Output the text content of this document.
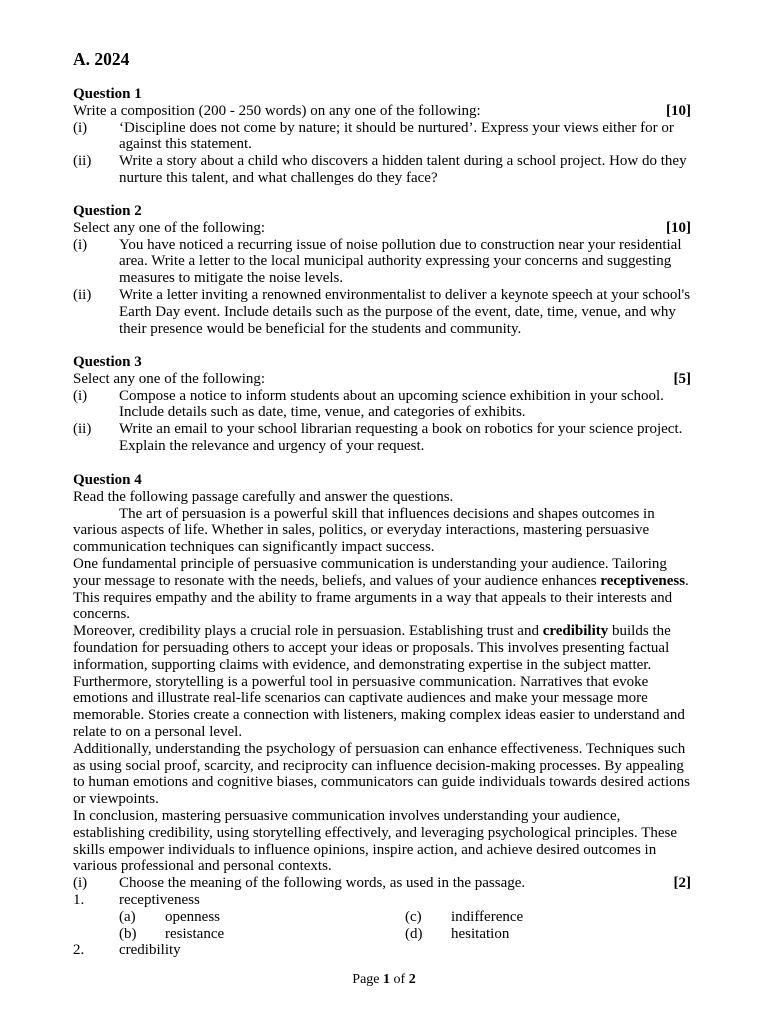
A. 2024
Question 1
Write a composition (200 - 250 words) on any one of the following:	[10]
(i)	‘Discipline does not come by nature; it should be nurtured’. Express your views either for or against this statement.
(ii)	Write a story about a child who discovers a hidden talent during a school project. How do they nurture this talent, and what challenges do they face?
Question 2
Select any one of the following:	[10]
(i)	You have noticed a recurring issue of noise pollution due to construction near your residential area. Write a letter to the local municipal authority expressing your concerns and suggesting measures to mitigate the noise levels.
(ii)	Write a letter inviting a renowned environmentalist to deliver a keynote speech at your school's Earth Day event. Include details such as the purpose of the event, date, time, venue, and why their presence would be beneficial for the students and community.
Question 3
Select any one of the following:	[5]
(i)	Compose a notice to inform students about an upcoming science exhibition in your school. Include details such as date, time, venue, and categories of exhibits.
(ii)	Write an email to your school librarian requesting a book on robotics for your science project. Explain the relevance and urgency of your request.
Question 4
Read the following passage carefully and answer the questions.
The art of persuasion is a powerful skill that influences decisions and shapes outcomes in various aspects of life. Whether in sales, politics, or everyday interactions, mastering persuasive communication techniques can significantly impact success.
One fundamental principle of persuasive communication is understanding your audience. Tailoring your message to resonate with the needs, beliefs, and values of your audience enhances receptiveness. This requires empathy and the ability to frame arguments in a way that appeals to their interests and concerns.
Moreover, credibility plays a crucial role in persuasion. Establishing trust and credibility builds the foundation for persuading others to accept your ideas or proposals. This involves presenting factual information, supporting claims with evidence, and demonstrating expertise in the subject matter.
Furthermore, storytelling is a powerful tool in persuasive communication. Narratives that evoke emotions and illustrate real-life scenarios can captivate audiences and make your message more memorable. Stories create a connection with listeners, making complex ideas easier to understand and relate to on a personal level.
Additionally, understanding the psychology of persuasion can enhance effectiveness. Techniques such as using social proof, scarcity, and reciprocity can influence decision-making processes. By appealing to human emotions and cognitive biases, communicators can guide individuals towards desired actions or viewpoints.
In conclusion, mastering persuasive communication involves understanding your audience, establishing credibility, using storytelling effectively, and leveraging psychological principles. These skills empower individuals to influence opinions, inspire action, and achieve desired outcomes in various professional and personal contexts.
(i)	Choose the meaning of the following words, as used in the passage.	[2]
1.	receptiveness
(a)	openness	(c)	indifference
(b)	resistance	(d)	hesitation
2.	credibility
Page 1 of 2
